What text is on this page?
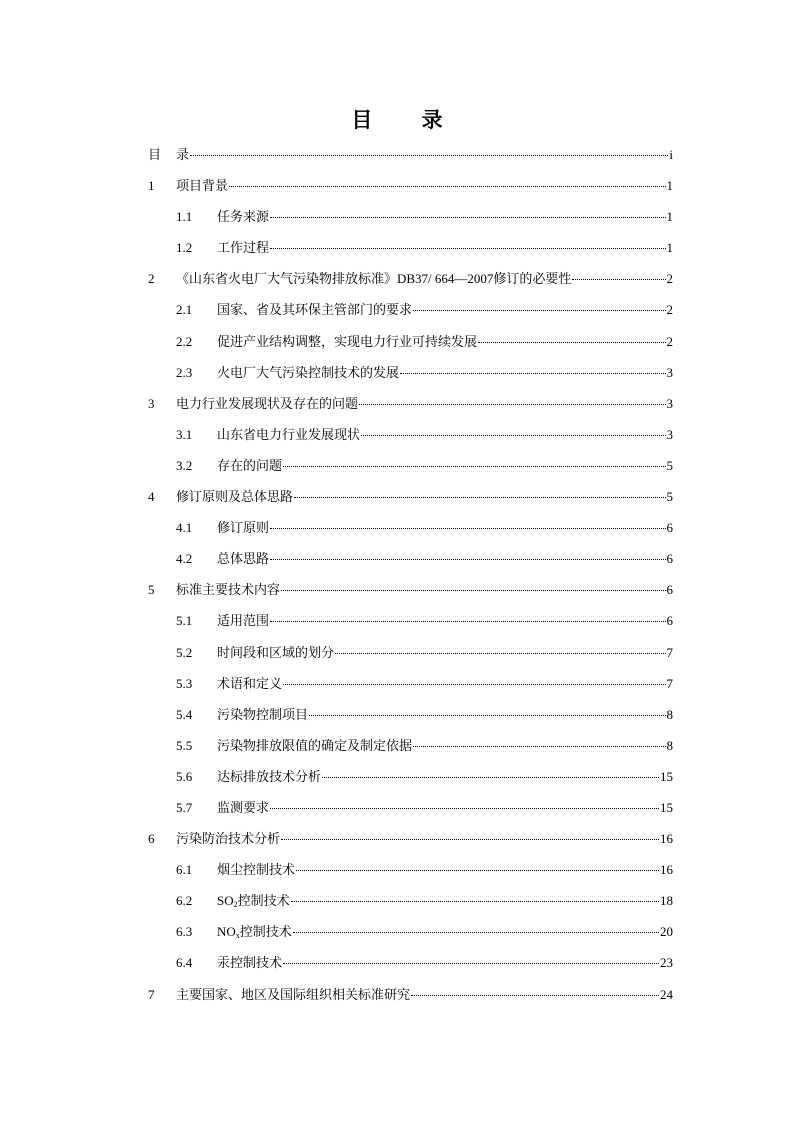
目 录
目	录	i
1	项目背景	1
1.1	任务来源	1
1.2	工作过程	1
2	《山东省火电厂大气污染物排放标准》DB37/ 664—2007修订的必要性	2
2.1	国家、省及其环保主管部门的要求	2
2.2	促进产业结构调整，实现电力行业可持续发展	2
2.3	火电厂大气污染控制技术的发展	3
3	电力行业发展现状及存在的问题	3
3.1	山东省电力行业发展现状	3
3.2	存在的问题	5
4	修订原则及总体思路	5
4.1	修订原则	6
4.2	总体思路	6
5	标准主要技术内容	6
5.1	适用范围	6
5.2	时间段和区域的划分	7
5.3	术语和定义	7
5.4	污染物控制项目	8
5.5	污染物排放限值的确定及制定依据	8
5.6	达标排放技术分析	15
5.7	监测要求	15
6	污染防治技术分析	16
6.1	烟尘控制技术	16
6.2	$SO_2$控制技术	18
6.3	$NO_x$控制技术	20
6.4	汞控制技术	23
7	主要国家、地区及国际组织相关标准研究	24
